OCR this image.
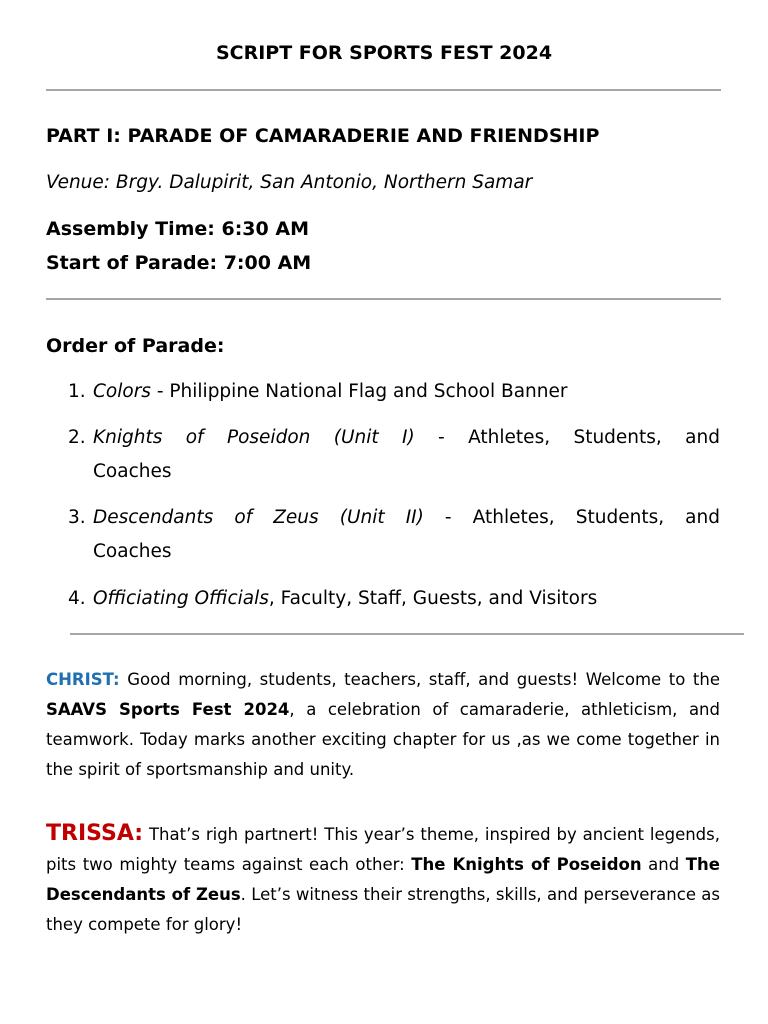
SCRIPT FOR SPORTS FEST 2024
PART I: PARADE OF CAMARADERIE AND FRIENDSHIP
Venue: Brgy. Dalupirit, San Antonio, Northern Samar
Assembly Time: 6:30 AM
Start of Parade: 7:00 AM
Order of Parade:
1. Colors - Philippine National Flag and School Banner
2. Knights of Poseidon (Unit I) - Athletes, Students, and
Coaches
3. Descendants of Zeus (Unit II) - Athletes, Students, and
Coaches
4. Officiating Officials, Faculty, Staff, Guests, and Visitors
CHRIST: Good morning, students, teachers, staff, and guests! Welcome to the SAAVS Sports Fest 2024, a celebration of camaraderie, athleticism, and teamwork. Today marks another exciting chapter for us ,as we come together in the spirit of sportsmanship and unity.
TRISSA: That’s righ partnert! This year’s theme, inspired by ancient legends, pits two mighty teams against each other: The Knights of Poseidon and The Descendants of Zeus. Let’s witness their strengths, skills, and perseverance as they compete for glory!
